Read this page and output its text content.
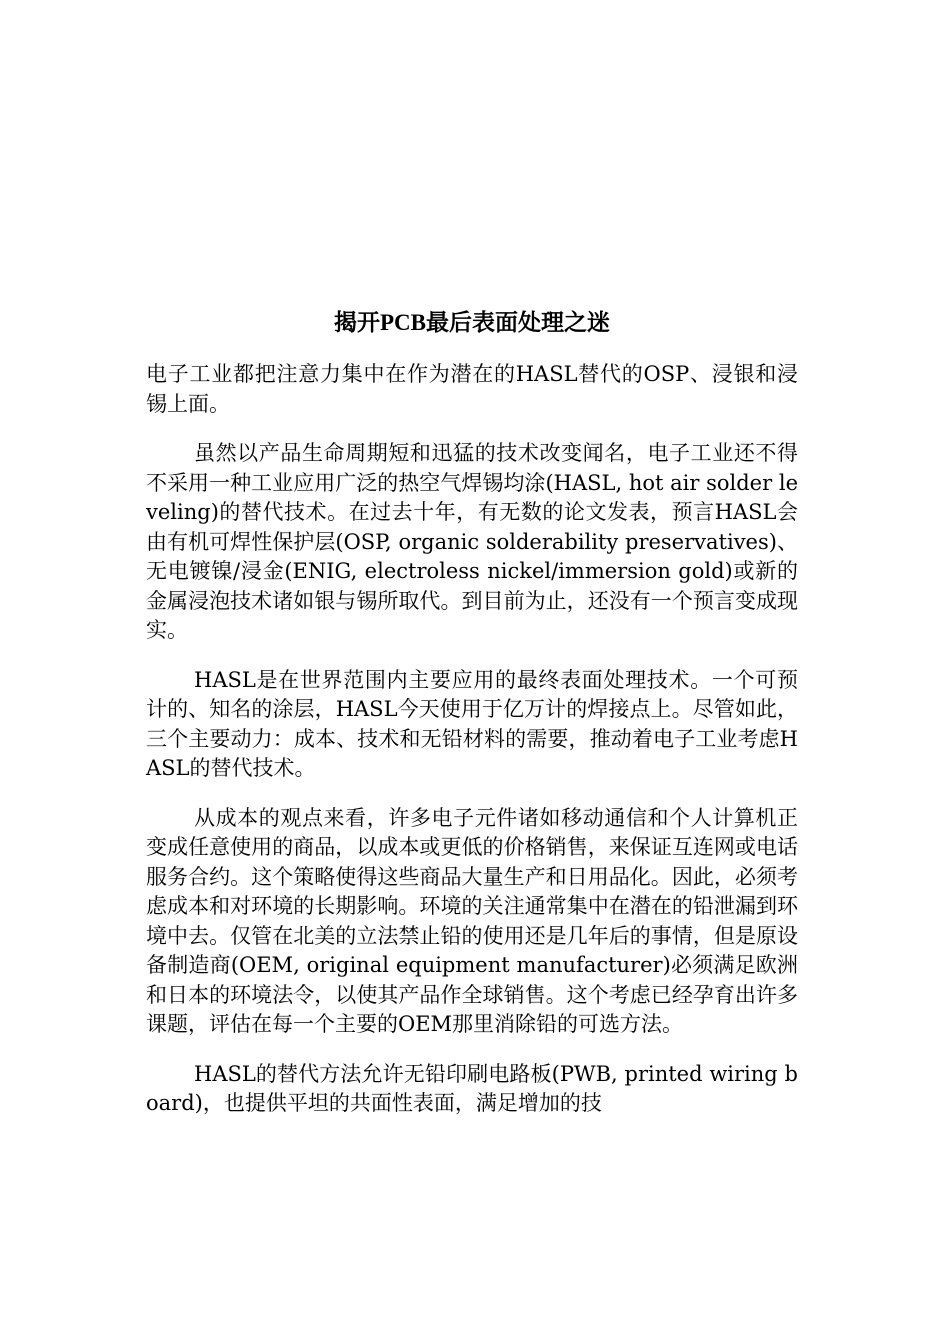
揭开PCB最后表面处理之迷

电子工业都把注意力集中在作为潜在的HASL替代的OSP、浸银和浸锡上面。

虽然以产品生命周期短和迅猛的技术改变闻名，电子工业还不得不采用一种工业应用广泛的热空气焊锡均涂(HASL, hot air solder leveling)的替代技术。在过去十年，有无数的论文发表，预言HASL会由有机可焊性保护层(OSP, organic solderability preservatives)、无电镀镍/浸金(ENIG, electroless nickel/immersion gold)或新的金属浸泡技术诸如银与锡所取代。到目前为止，还没有一个预言变成现实。

HASL是在世界范围内主要应用的最终表面处理技术。一个可预计的、知名的涂层，HASL今天使用于亿万计的焊接点上。尽管如此，三个主要动力：成本、技术和无铅材料的需要，推动着电子工业考虑HASL的替代技术。

从成本的观点来看，许多电子元件诸如移动通信和个人计算机正变成任意使用的商品，以成本或更低的价格销售，来保证互连网或电话服务合约。这个策略使得这些商品大量生产和日用品化。因此，必须考虑成本和对环境的长期影响。环境的关注通常集中在潜在的铅泄漏到环境中去。仅管在北美的立法禁止铅的使用还是几年后的事情，但是原设备制造商(OEM, original equipment manufacturer)必须满足欧洲和日本的环境法令，以使其产品作全球销售。这个考虑已经孕育出许多课题，评估在每一个主要的OEM那里消除铅的可选方法。

HASL的替代方法允许无铅印刷电路板(PWB, printed wiring board)，也提供平坦的共面性表面，满足增加的技
